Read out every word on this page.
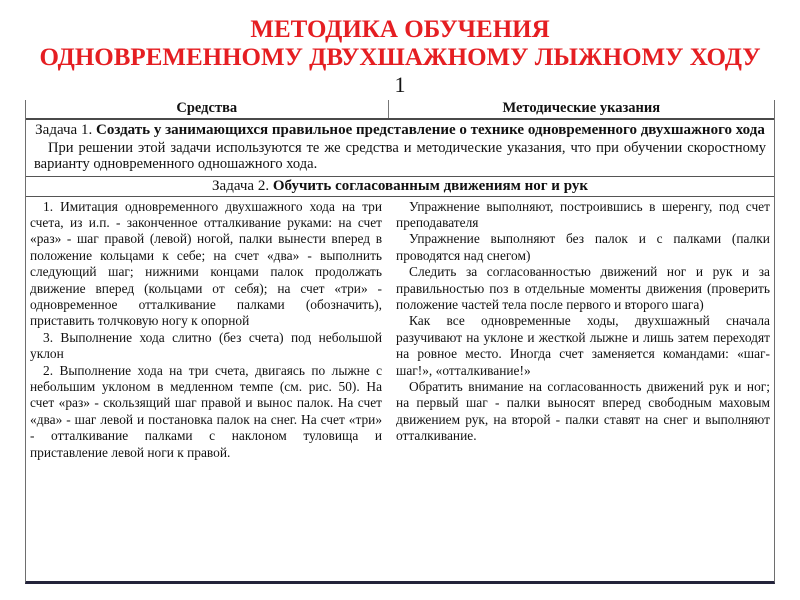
МЕТОДИКА ОБУЧЕНИЯ
ОДНОВРЕМЕННОМУ ДВУХШАЖНОМУ ЛЫЖНОМУ ХОДУ
1
Средства	Методические указания
Задача 1. Создать у занимающихся правильное представление о технике одновременного двухшажного хода
При решении этой задачи используются те же средства и методические указания, что при обучении скоростному варианту одновременного одношажного хода.
Задача 2. Обучить согласованным движениям ног и рук

1. Имитация одновременного двухшажного хода на три счета, из и.п. - законченное отталкивание руками: на счет «раз» - шаг правой (левой) ногой, палки вынести вперед в положение кольцами к себе; на счет «два» - выполнить следующий шаг; нижними концами палок продолжать движение вперед (кольцами от себя); на счет «три» - одновременное отталкивание палками (обозначить), приставить толчковую ногу к опорной

3. Выполнение хода слитно (без счета) под небольшой уклон

2. Выполнение хода на три счета, двигаясь по лыжне с небольшим уклоном в медленном темпе (см. рис. 50). На счет «раз» - скользящий шаг правой и вынос палок. На счет «два» - шаг левой и постановка палок на снег. На счет «три» - отталкивание палками с наклоном туловища и приставление левой ноги к правой.

Упражнение выполняют, построившись в шеренгу, под счет преподавателя

Упражнение выполняют без палок и с палками (палки проводятся над снегом)

Следить за согласованностью движений ног и рук и за правильностью поз в отдельные моменты движения (проверить положение частей тела после первого и второго шага)

Как все одновременные ходы, двухшажный сначала разучивают на уклоне и жесткой лыжне и лишь затем переходят на ровное место. Иногда счет заменяется командами: «шаг-шаг!», «отталкивание!»

Обратить внимание на согласованность движений рук и ног; на первый шаг - палки выносят вперед свободным маховым движением рук, на второй - палки ставят на снег и выполняют отталкивание.
